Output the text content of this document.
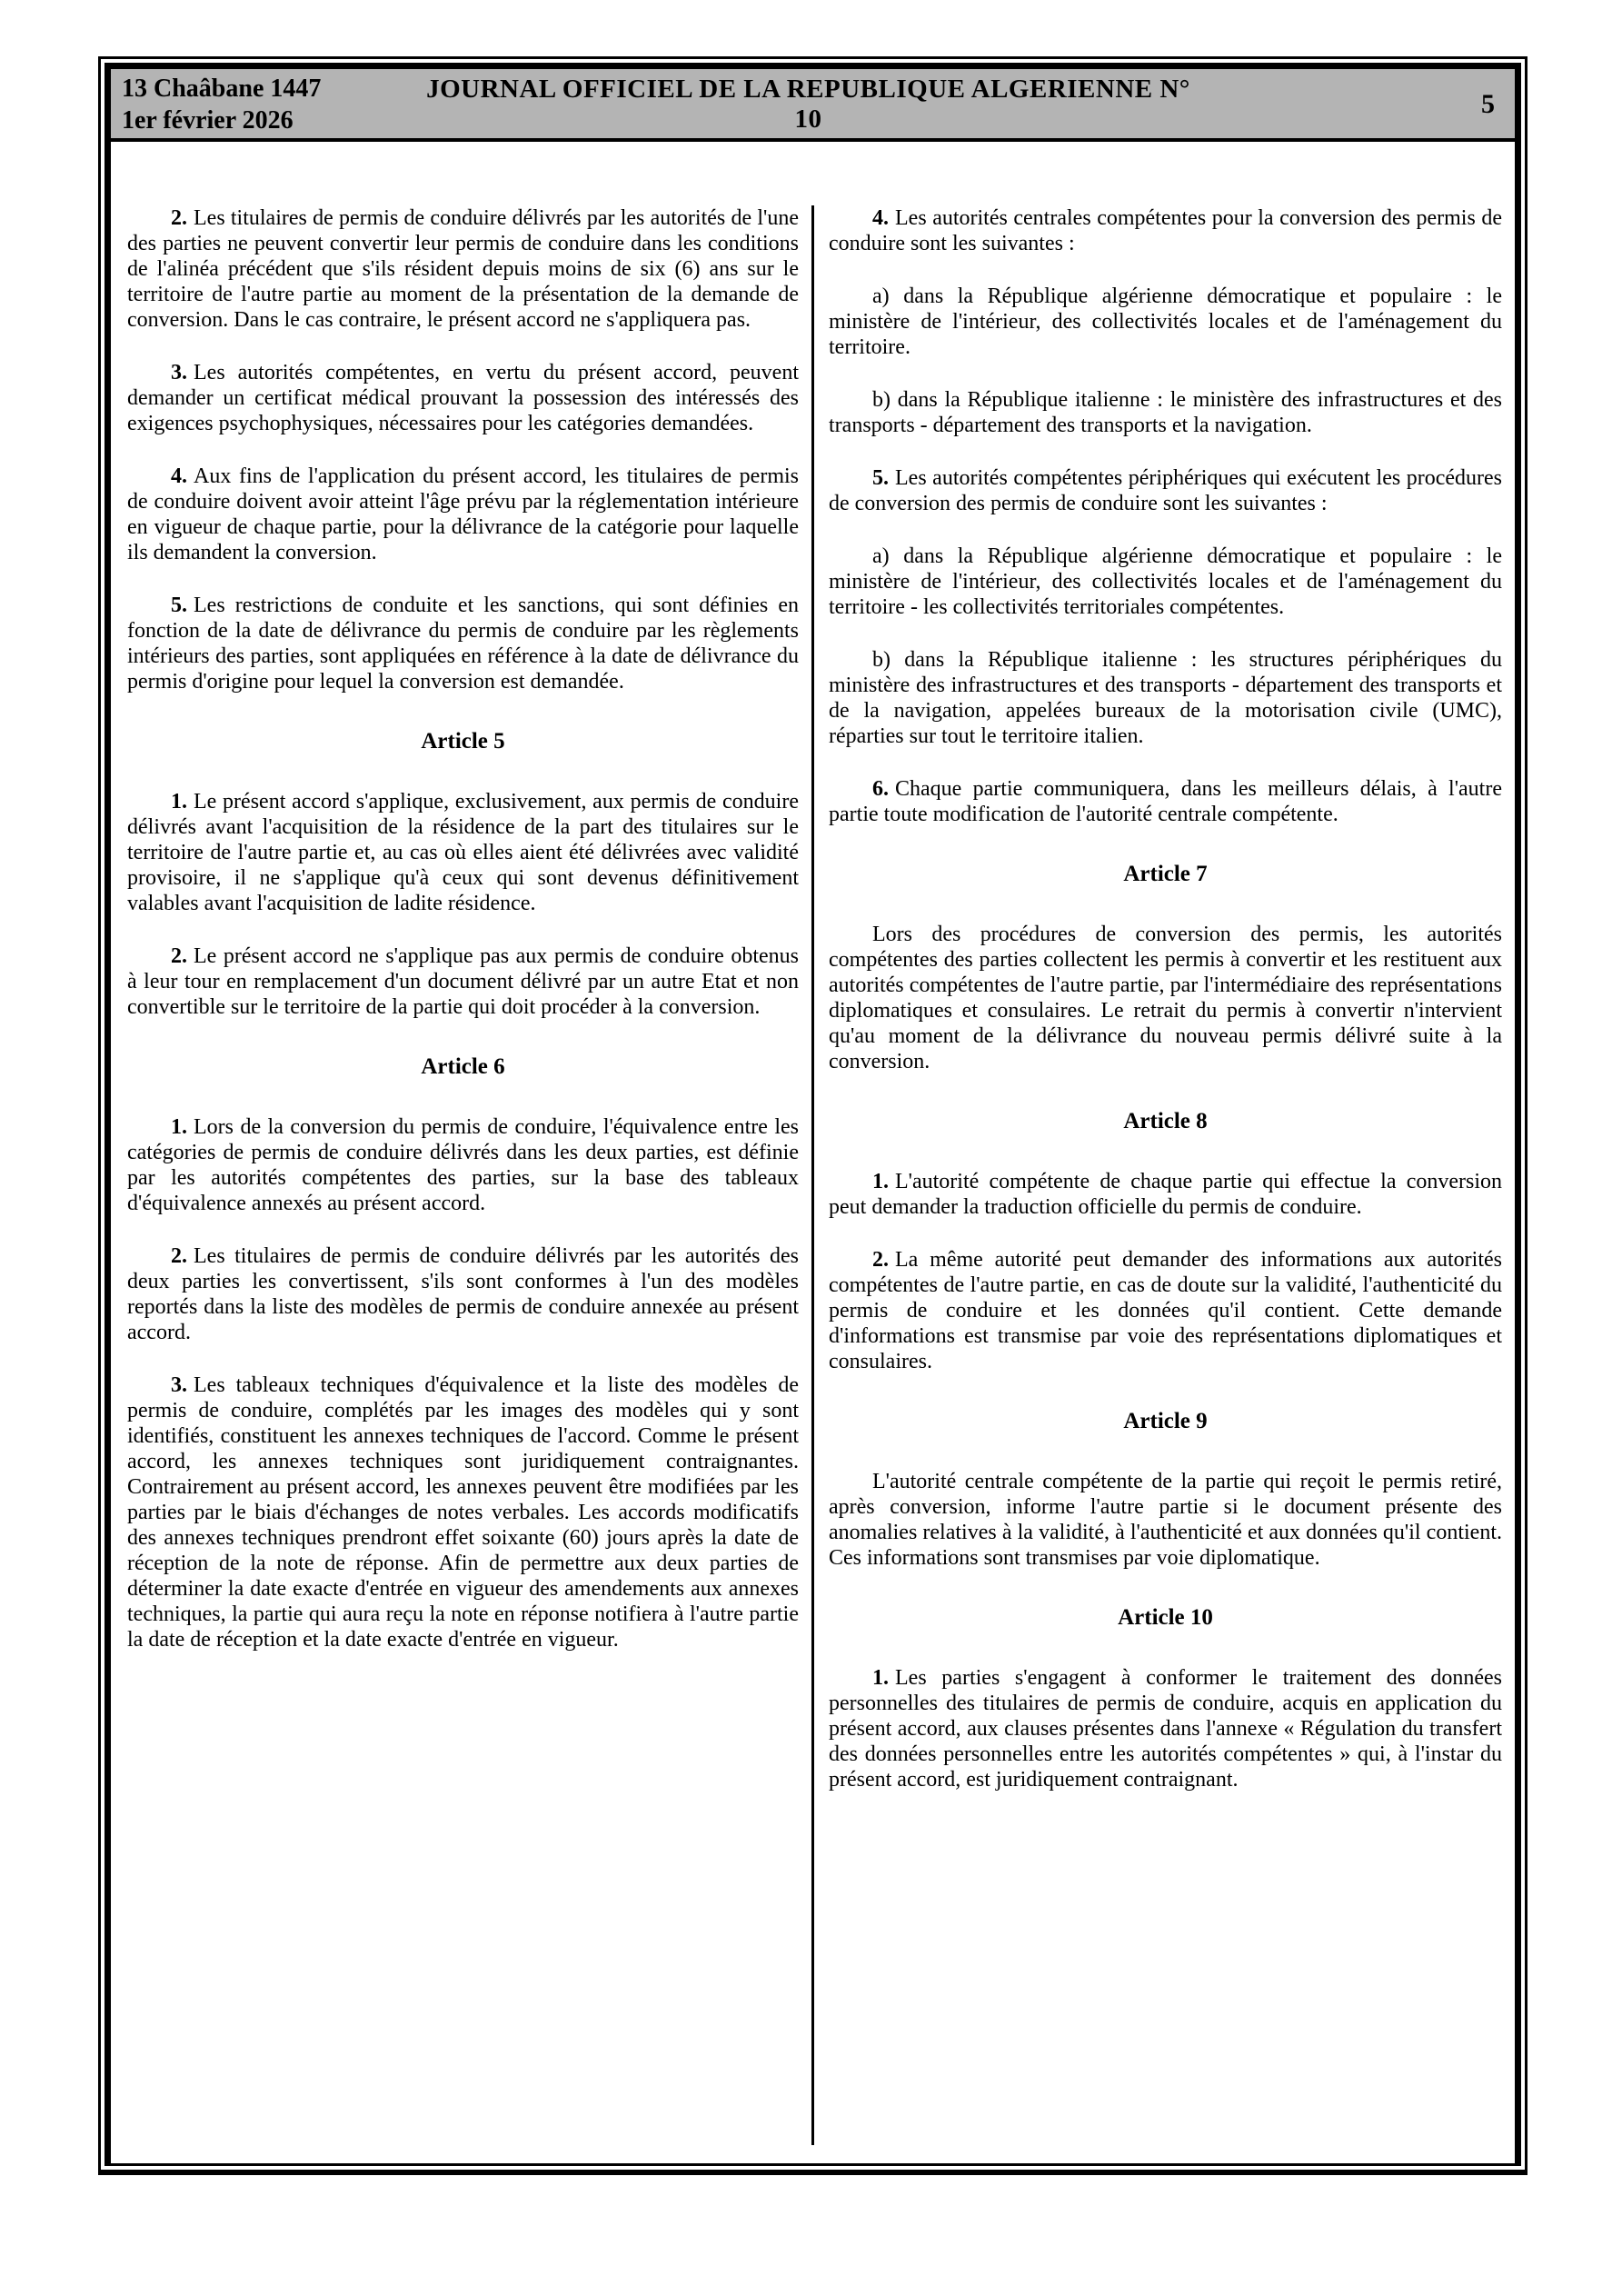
13 Chaâbane 1447
1er février 2026
JOURNAL OFFICIEL DE LA REPUBLIQUE ALGERIENNE N° 10	5

2. Les titulaires de permis de conduire délivrés par les autorités de l'une des parties ne peuvent convertir leur permis de conduire dans les conditions de l'alinéa précédent que s'ils résident depuis moins de six (6) ans sur le territoire de l'autre partie au moment de la présentation de la demande de conversion. Dans le cas contraire, le présent accord ne s'appliquera pas.

3. Les autorités compétentes, en vertu du présent accord, peuvent demander un certificat médical prouvant la possession des intéressés des exigences psychophysiques, nécessaires pour les catégories demandées.

4. Aux fins de l'application du présent accord, les titulaires de permis de conduire doivent avoir atteint l'âge prévu par la réglementation intérieure en vigueur de chaque partie, pour la délivrance de la catégorie pour laquelle ils demandent la conversion.

5. Les restrictions de conduite et les sanctions, qui sont définies en fonction de la date de délivrance du permis de conduire par les règlements intérieurs des parties, sont appliquées en référence à la date de délivrance du permis d'origine pour lequel la conversion est demandée.

Article 5

1. Le présent accord s'applique, exclusivement, aux permis de conduire délivrés avant l'acquisition de la résidence de la part des titulaires sur le territoire de l'autre partie et, au cas où elles aient été délivrées avec validité provisoire, il ne s'applique qu'à ceux qui sont devenus définitivement valables avant l'acquisition de ladite résidence.

2. Le présent accord ne s'applique pas aux permis de conduire obtenus à leur tour en remplacement d'un document délivré par un autre Etat et non convertible sur le territoire de la partie qui doit procéder à la conversion.

Article 6

1. Lors de la conversion du permis de conduire, l'équivalence entre les catégories de permis de conduire délivrés dans les deux parties, est définie par les autorités compétentes des parties, sur la base des tableaux d'équivalence annexés au présent accord.

2. Les titulaires de permis de conduire délivrés par les autorités des deux parties les convertissent, s'ils sont conformes à l'un des modèles reportés dans la liste des modèles de permis de conduire annexée au présent accord.

3. Les tableaux techniques d'équivalence et la liste des modèles de permis de conduire, complétés par les images des modèles qui y sont identifiés, constituent les annexes techniques de l'accord. Comme le présent accord, les annexes techniques sont juridiquement contraignantes. Contrairement au présent accord, les annexes peuvent être modifiées par les parties par le biais d'échanges de notes verbales. Les accords modificatifs des annexes techniques prendront effet soixante (60) jours après la date de réception de la note de réponse. Afin de permettre aux deux parties de déterminer la date exacte d'entrée en vigueur des amendements aux annexes techniques, la partie qui aura reçu la note en réponse notifiera à l'autre partie la date de réception et la date exacte d'entrée en vigueur.

4. Les autorités centrales compétentes pour la conversion des permis de conduire sont les suivantes :

a) dans la République algérienne démocratique et populaire : le ministère de l'intérieur, des collectivités locales et de l'aménagement du territoire.

b) dans la République italienne : le ministère des infrastructures et des transports - département des transports et la navigation.

5. Les autorités compétentes périphériques qui exécutent les procédures de conversion des permis de conduire sont les suivantes :

a) dans la République algérienne démocratique et populaire : le ministère de l'intérieur, des collectivités locales et de l'aménagement du territoire - les collectivités territoriales compétentes.

b) dans la République italienne : les structures périphériques du ministère des infrastructures et des transports - département des transports et de la navigation, appelées bureaux de la motorisation civile (UMC), réparties sur tout le territoire italien.

6. Chaque partie communiquera, dans les meilleurs délais, à l'autre partie toute modification de l'autorité centrale compétente.

Article 7

Lors des procédures de conversion des permis, les autorités compétentes des parties collectent les permis à convertir et les restituent aux autorités compétentes de l'autre partie, par l'intermédiaire des représentations diplomatiques et consulaires. Le retrait du permis à convertir n'intervient qu'au moment de la délivrance du nouveau permis délivré suite à la conversion.

Article 8

1. L'autorité compétente de chaque partie qui effectue la conversion peut demander la traduction officielle du permis de conduire.

2. La même autorité peut demander des informations aux autorités compétentes de l'autre partie, en cas de doute sur la validité, l'authenticité du permis de conduire et les données qu'il contient. Cette demande d'informations est transmise par voie des représentations diplomatiques et consulaires.

Article 9

L'autorité centrale compétente de la partie qui reçoit le permis retiré, après conversion, informe l'autre partie si le document présente des anomalies relatives à la validité, à l'authenticité et aux données qu'il contient. Ces informations sont transmises par voie diplomatique.

Article 10

1. Les parties s'engagent à conformer le traitement des données personnelles des titulaires de permis de conduire, acquis en application du présent accord, aux clauses présentes dans l'annexe « Régulation du transfert des données personnelles entre les autorités compétentes » qui, à l'instar du présent accord, est juridiquement contraignant.
